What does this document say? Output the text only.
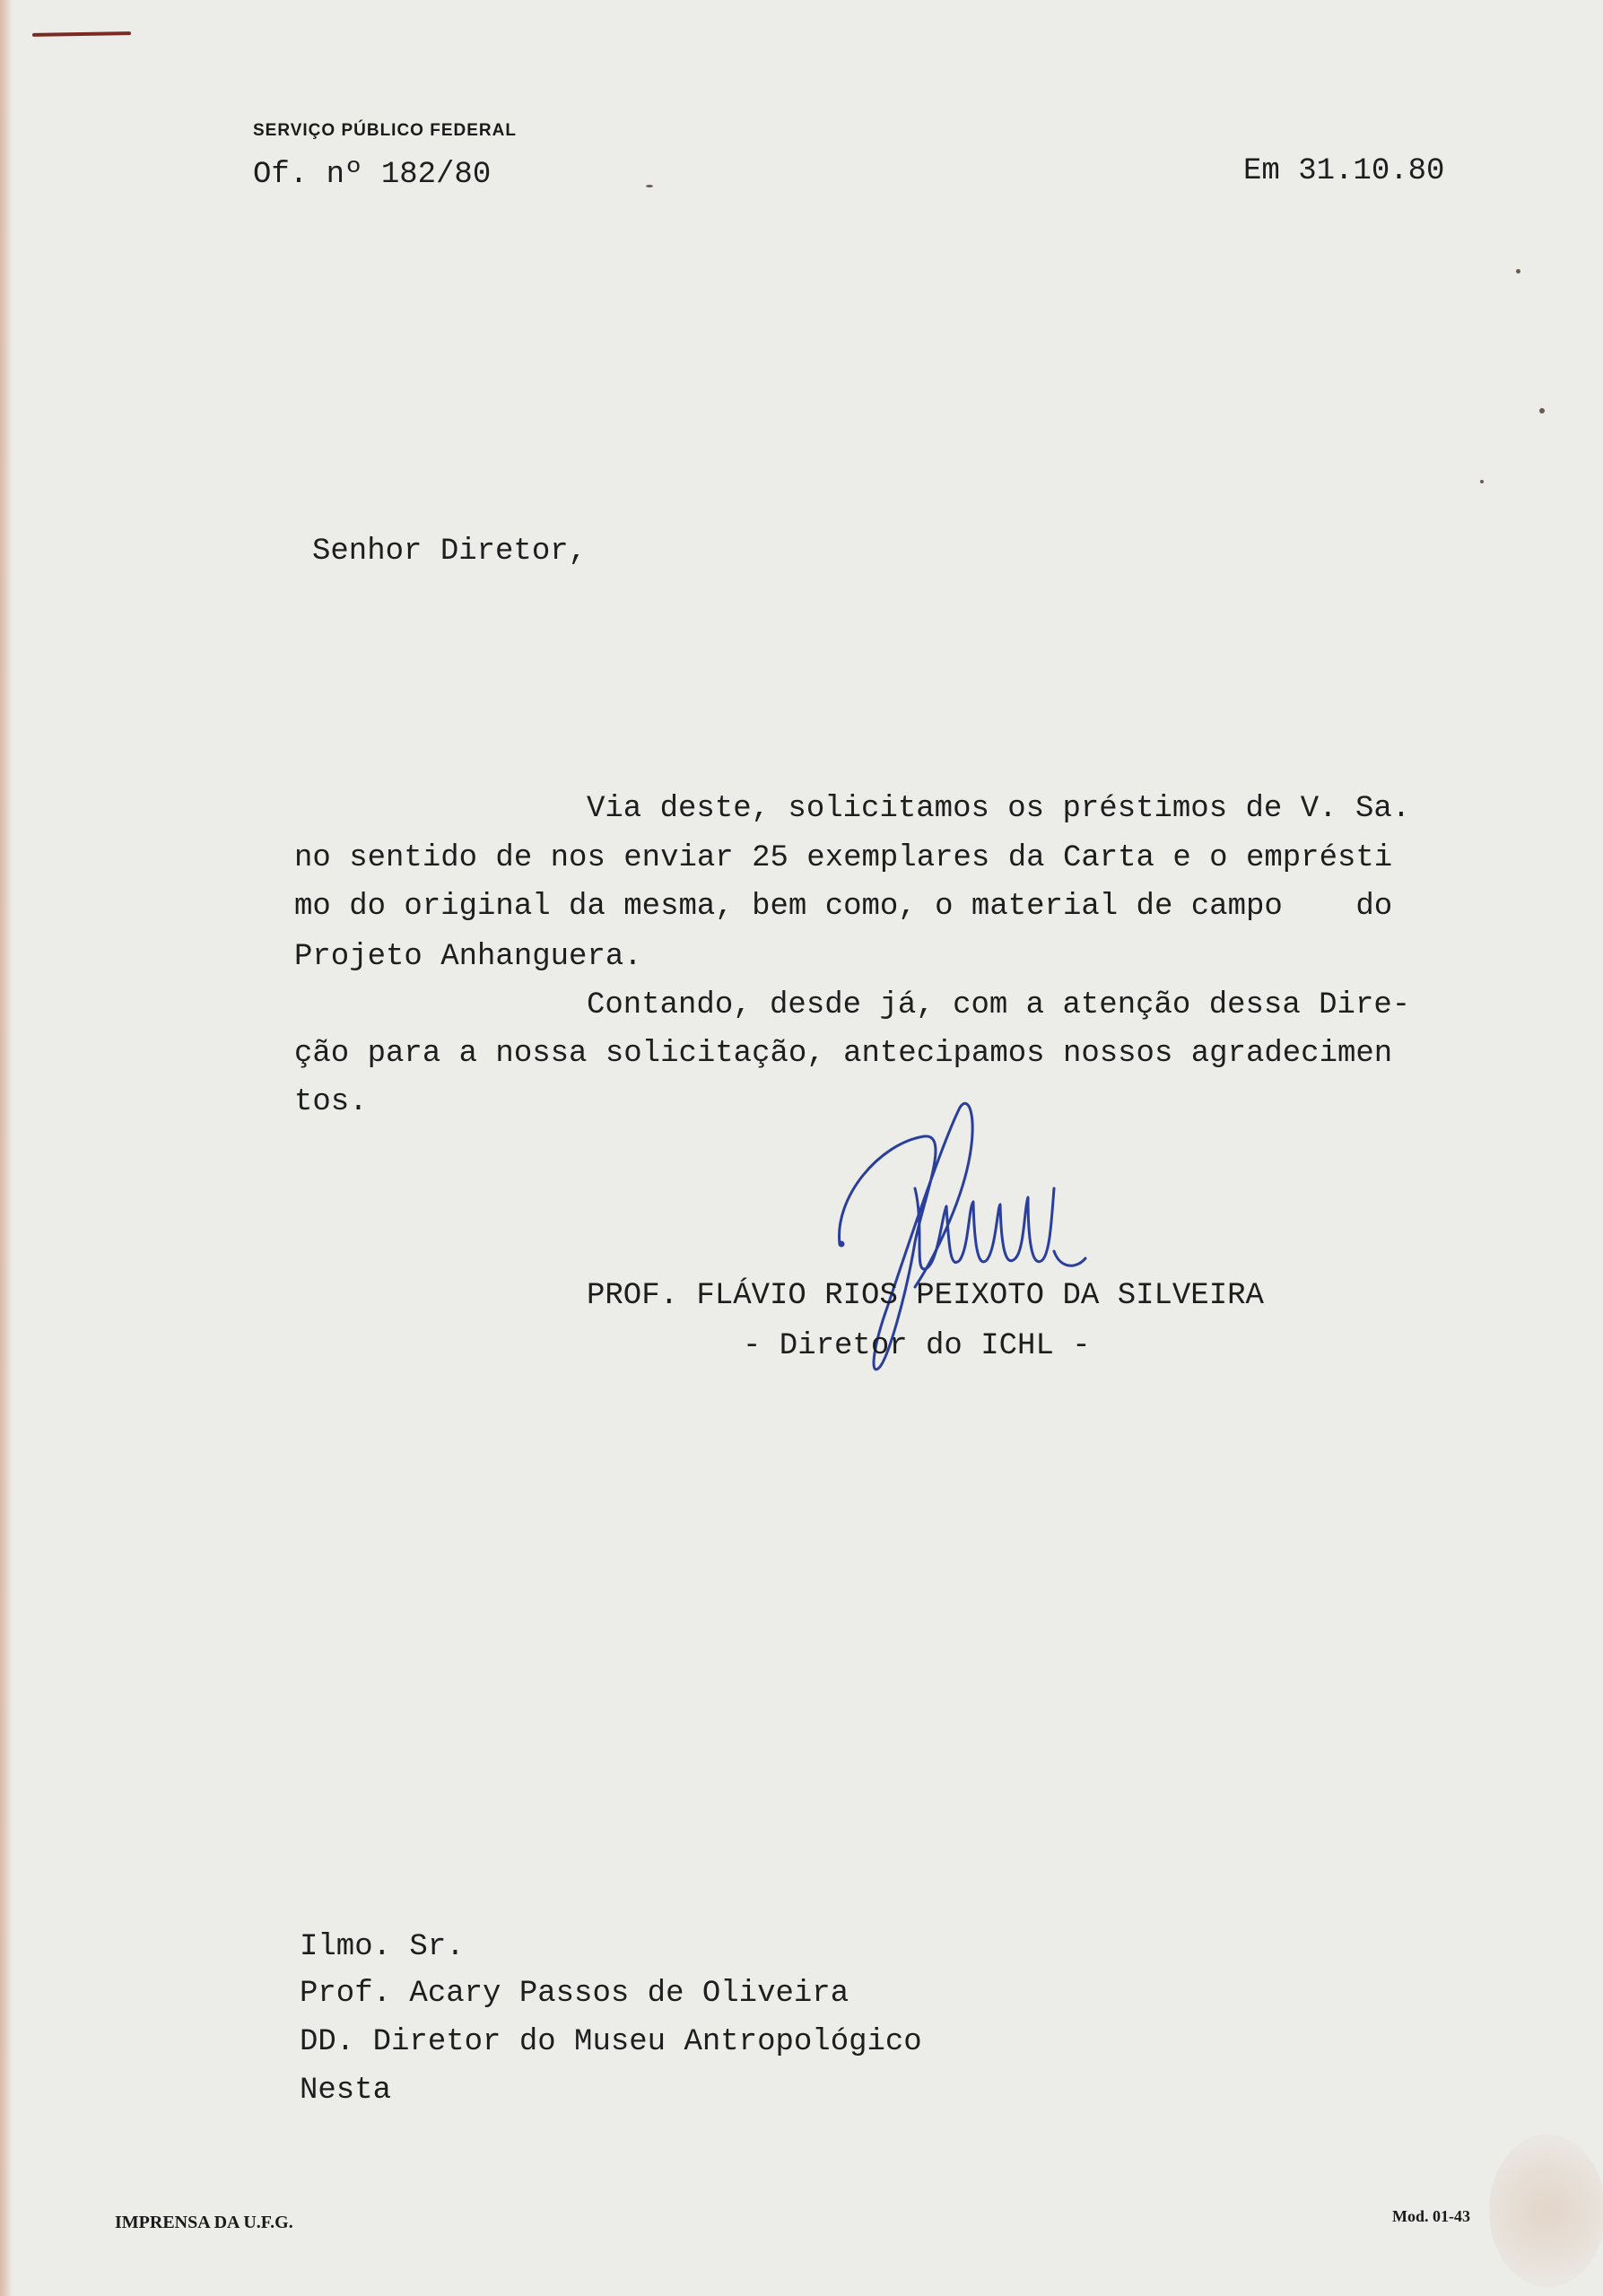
SERVIÇO PÚBLICO FEDERAL
Of. nº 182/80	Em 31.10.80
Senhor Diretor,
Via deste, solicitamos os préstimos de V. Sa.
no sentido de nos enviar 25 exemplares da Carta e o emprésti
mo do original da mesma, bem como, o material de campo    do
Projeto Anhanguera.
Contando, desde já, com a atenção dessa Dire-
ção para a nossa solicitação, antecipamos nossos agradecimen
tos.
PROF. FLÁVIO RIOS PEIXOTO DA SILVEIRA
- Diretor do ICHL -
Ilmo. Sr.
Prof. Acary Passos de Oliveira
DD. Diretor do Museu Antropológico
Nesta
IMPRENSA DA U.F.G.	Mod. 01-43
